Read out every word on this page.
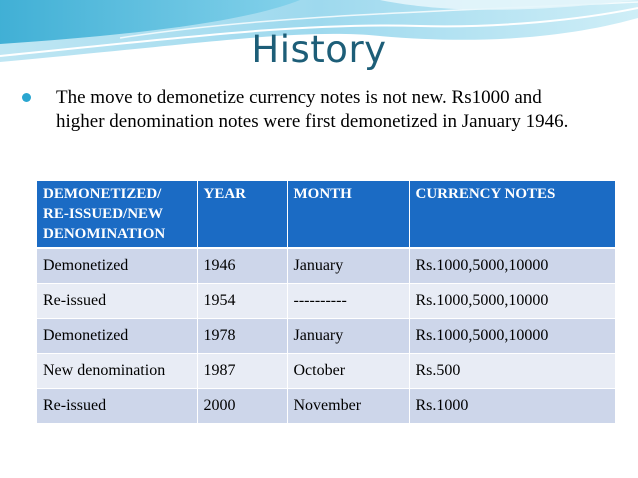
History
The move to demonetize currency notes is not new. Rs1000 and higher denomination notes were first demonetized in January 1946.
DEMONETIZED/ RE-ISSUED/NEW DENOMINATION	YEAR	MONTH	CURRENCY NOTES
Demonetized	1946	January	Rs.1000,5000,10000
Re-issued	1954	----------	Rs.1000,5000,10000
Demonetized	1978	January	Rs.1000,5000,10000
New denomination	1987	October	Rs.500
Re-issued	2000	November	Rs.1000
